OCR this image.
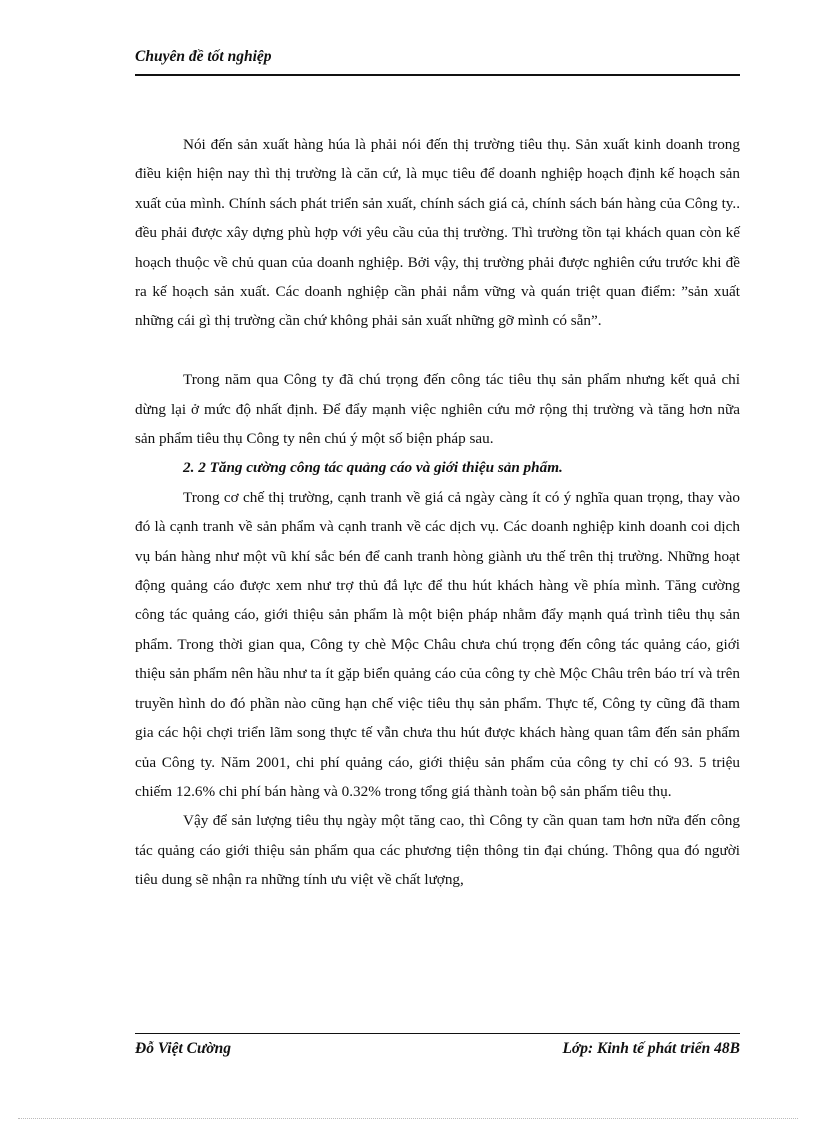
Chuyên đề tốt nghiệp

Nói đến sản xuất hàng húa là phải nói đến thị trường tiêu thụ. Sản xuất kinh doanh trong điều kiện hiện nay thì thị trường là căn cứ, là mục tiêu để doanh nghiệp hoạch định kế hoạch sản xuất của mình. Chính sách phát triển sản xuất, chính sách giá cả, chính sách bán hàng của Công ty.. đều phải được xây dựng phù hợp với yêu cầu của thị trường. Thì trường tồn tại khách quan còn kế hoạch thuộc về chủ quan của doanh nghiệp. Bởi vậy, thị trường phải được nghiên cứu trước khi đề ra kế hoạch sản xuất. Các doanh nghiệp cần phải nắm vững và quán triệt quan điểm: ”sản xuất những cái gì thị trường cần chứ không phải sản xuất những gỡ mình có sẵn”.

Trong năm qua Công ty đã chú trọng đến công tác tiêu thụ sản phẩm nhưng kết quả chỉ dừng lại ở mức độ nhất định. Để đẩy mạnh việc nghiên cứu mở rộng thị trường và tăng hơn nữa sản phẩm tiêu thụ Công ty nên chú ý một số biện pháp sau.

2. 2 Tăng cường công tác quảng cáo và giới thiệu sản phẩm.

Trong cơ chế thị trường, cạnh tranh về giá cả ngày càng ít có ý nghĩa quan trọng, thay vào đó là cạnh tranh về sản phẩm và cạnh tranh về các dịch vụ. Các doanh nghiệp kinh doanh coi dịch vụ bán hàng như một vũ khí sắc bén để canh tranh hòng giành ưu thế trên thị trường. Những hoạt động quảng cáo được xem như trợ thủ đắ lực để thu hút khách hàng về phía mình. Tăng cường công tác quảng cáo, giới thiệu sản phẩm là một biện pháp nhằm đẩy mạnh quá trình tiêu thụ sản phẩm. Trong thời gian qua, Công ty chè Mộc Châu chưa chú trọng đến công tác quảng cáo, giới thiệu sản phẩm nên hầu như ta ít gặp biển quảng cáo của công ty chè Mộc Châu trên báo trí và trên truyền hình do đó phần nào cũng hạn chế việc tiêu thụ sản phẩm. Thực tế, Công ty cũng đã tham gia các hội chợi triển lãm song thực tế vẫn chưa thu hút được khách hàng quan tâm đến sản phẩm của Công ty. Năm 2001, chi phí quảng cáo, giới thiệu sản phẩm của công ty chỉ có 93. 5 triệu chiếm 12.6% chi phí bán hàng và 0.32% trong tổng giá thành toàn bộ sản phẩm tiêu thụ.

Vậy để sản lượng tiêu thụ ngày một tăng cao, thì Công ty cần quan tam hơn nữa đến công tác quảng cáo giới thiệu sản phẩm qua các phương tiện thông tin đại chúng. Thông qua đó người tiêu dung sẽ nhận ra những tính ưu việt về chất lượng,

Đỗ Việt Cường	Lớp: Kinh tế phát triển 48B
